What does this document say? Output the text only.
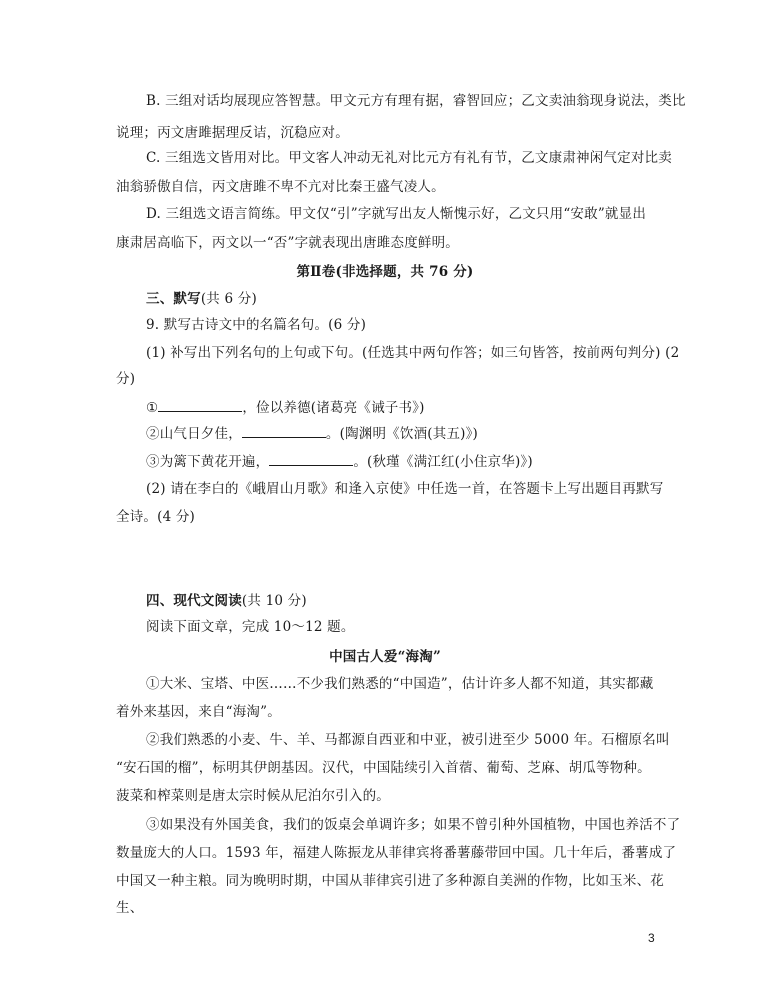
B. 三组对话均展现应答智慧。甲文元方有理有据，睿智回应；乙文卖油翁现身说法，类比
说理；丙文唐雎据理反诘，沉稳应对。
C. 三组选文皆用对比。甲文客人冲动无礼对比元方有礼有节，乙文康肃神闲气定对比卖
油翁骄傲自信，丙文唐雎不卑不亢对比秦王盛气凌人。
D. 三组选文语言简练。甲文仅“引”字就写出友人惭愧示好，乙文只用“安敢”就显出
康肃居高临下，丙文以一“否”字就表现出唐雎态度鲜明。
第Ⅱ卷(非选择题，共 76 分)
三、默写(共 6 分)
9. 默写古诗文中的名篇名句。(6 分)
(1) 补写出下列名句的上句或下句。(任选其中两句作答；如三句皆答，按前两句判分) (2
分)
①	，俭以养德(诸葛亮《诫子书》)
②山气日夕佳，	。(陶渊明《饮酒(其五)》)
③为篱下黄花开遍，	。(秋瑾《满江红(小住京华)》)
(2) 请在李白的《峨眉山月歌》和逢入京使》中任选一首，在答题卡上写出题目再默写
全诗。(4 分)
四、现代文阅读(共 10 分)
阅读下面文章，完成 10～12 题。
中国古人爱“海淘”
①大米、宝塔、中医……不少我们熟悉的“中国造”，估计许多人都不知道，其实都藏
着外来基因，来自“海淘”。
②我们熟悉的小麦、牛、羊、马都源自西亚和中亚，被引进至少 5000 年。石榴原名叫
“安石国的榴”，标明其伊朗基因。汉代，中国陆续引入首蓿、葡萄、芝麻、胡瓜等物种。
菠菜和榨菜则是唐太宗时候从尼泊尔引入的。
③如果没有外国美食，我们的饭桌会单调许多；如果不曾引种外国植物，中国也养活不了
数量庞大的人口。1593 年，福建人陈振龙从菲律宾将番薯藤带回中国。几十年后，番薯成了
中国又一种主粮。同为晚明时期，中国从菲律宾引进了多种源自美洲的作物，比如玉米、花
生、
3
